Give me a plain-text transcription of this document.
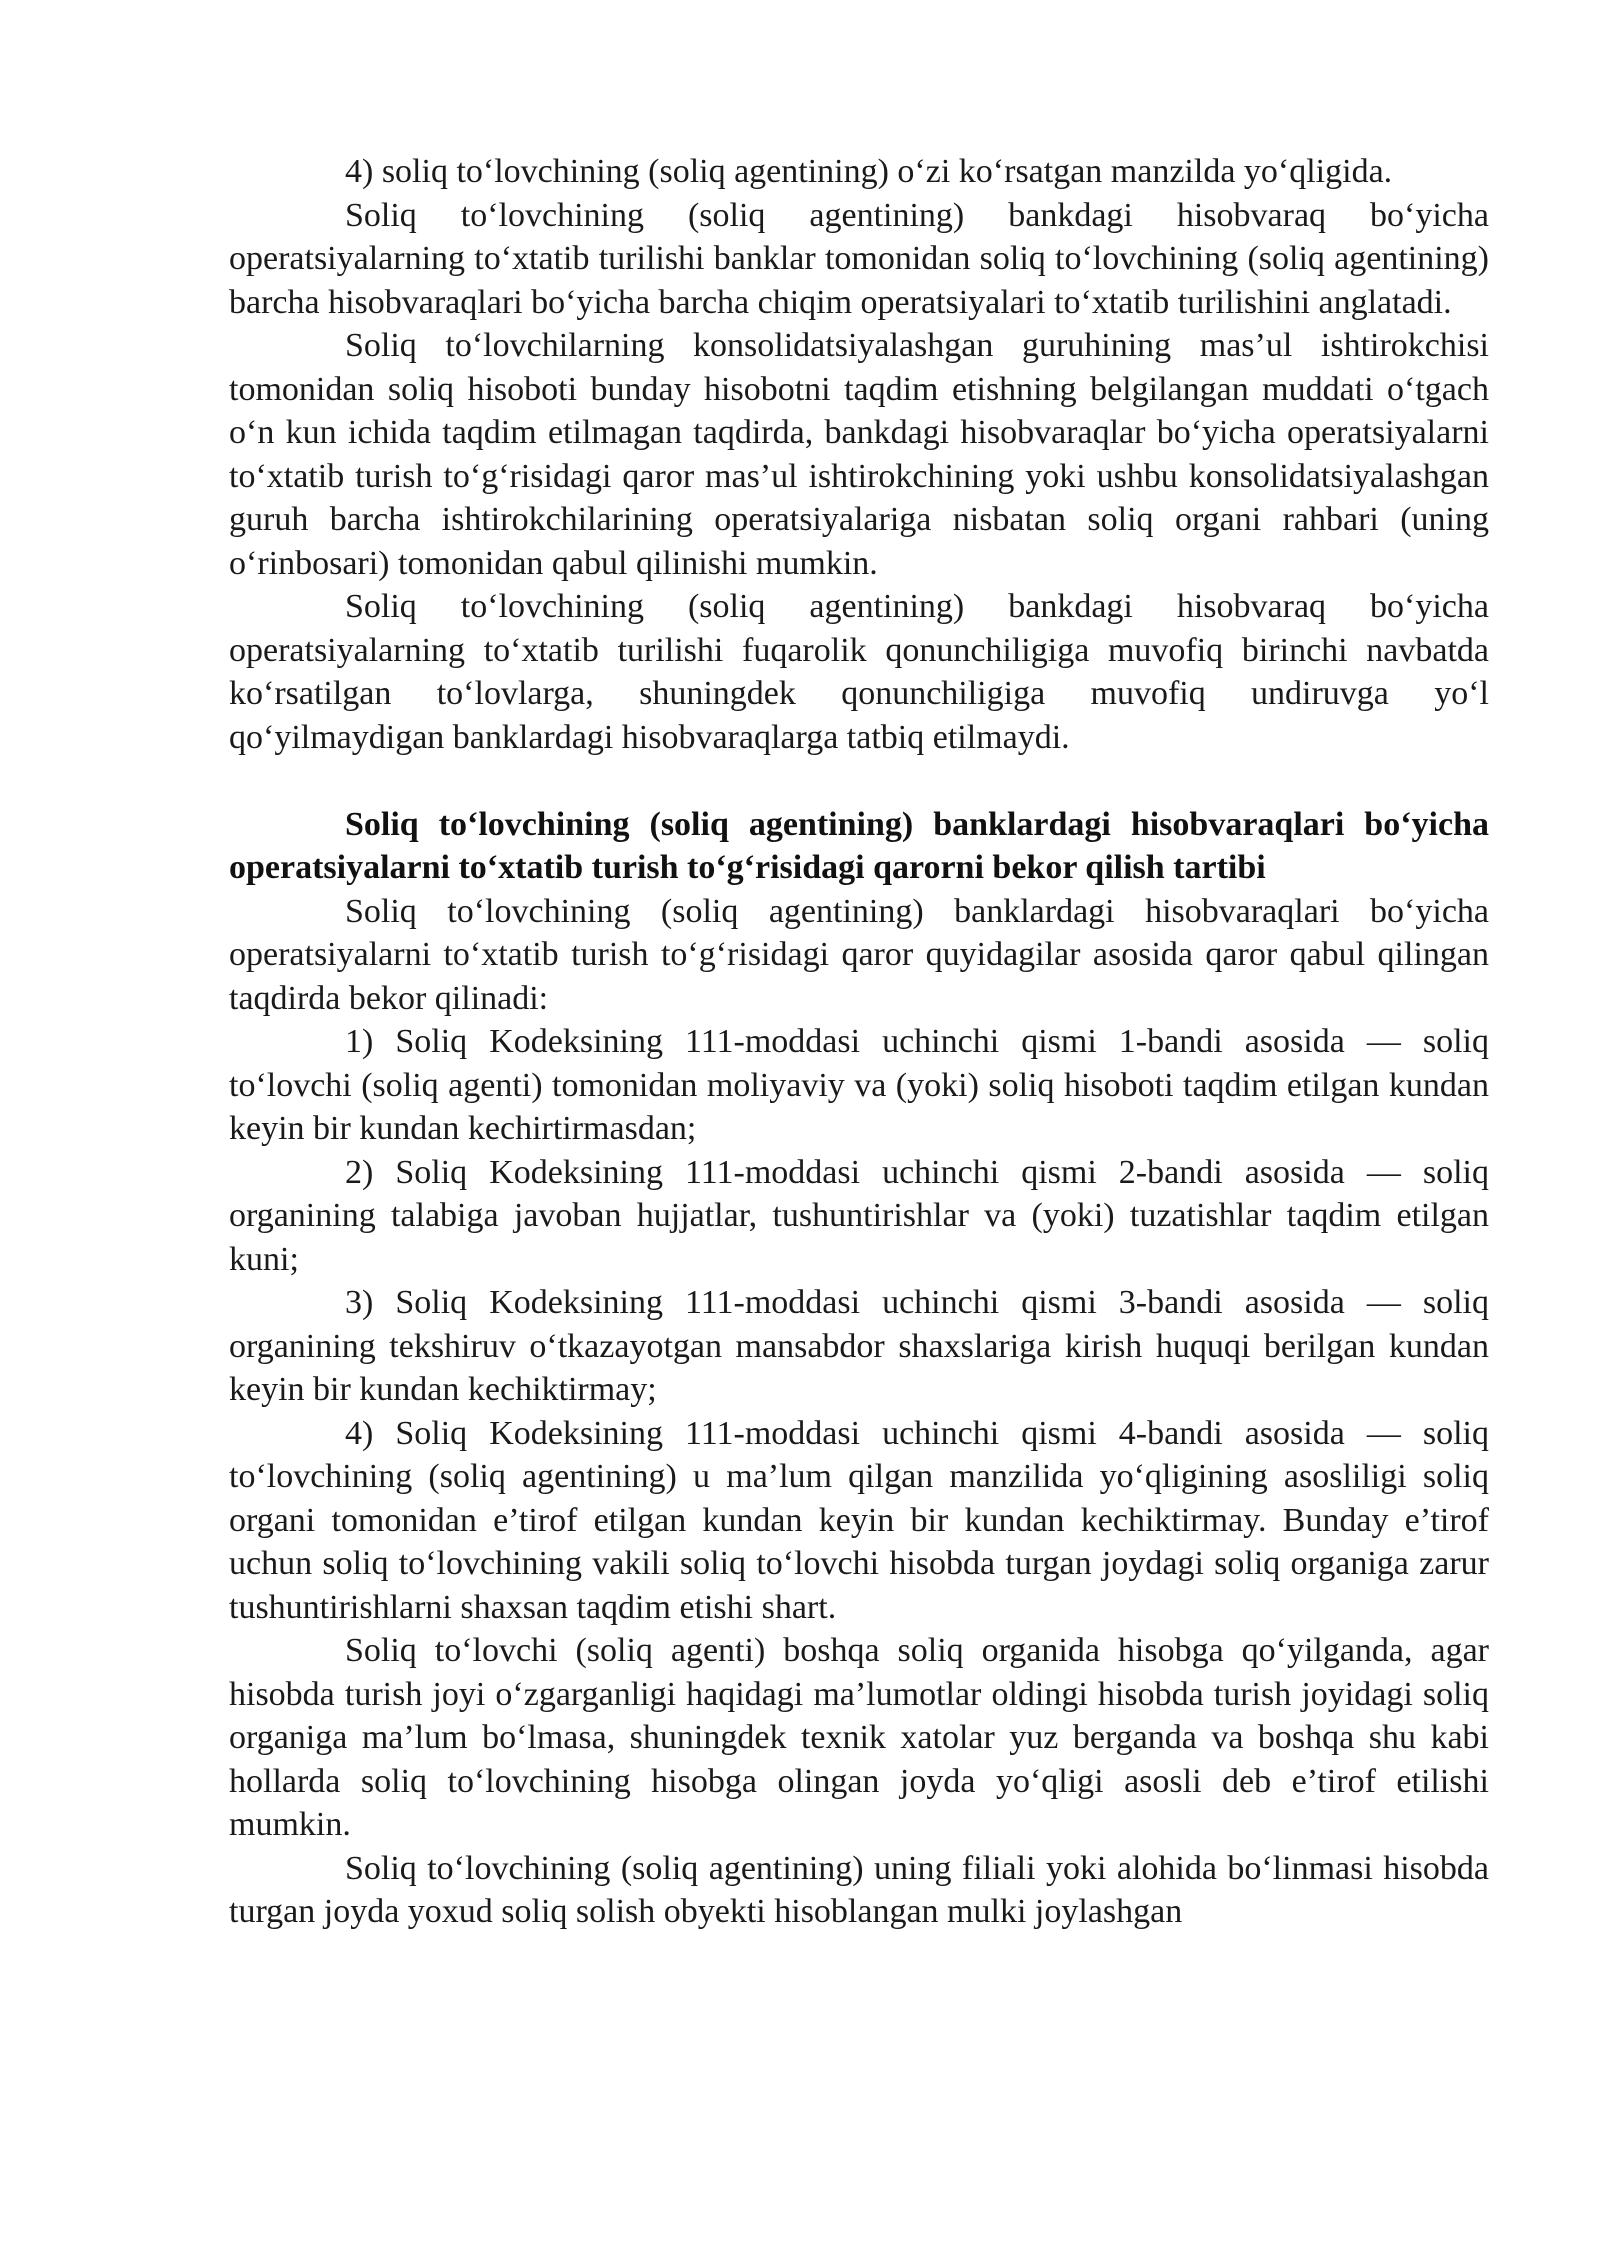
4) soliq to‘lovchining (soliq agentining) o‘zi ko‘rsatgan manzilda yo‘qligida.

Soliq to‘lovchining (soliq agentining) bankdagi hisobvaraq bo‘yicha operatsiyalarning to‘xtatib turilishi banklar tomonidan soliq to‘lovchining (soliq agentining) barcha hisobvaraqlari bo‘yicha barcha chiqim operatsiyalari to‘xtatib turilishini anglatadi.

Soliq to‘lovchilarning konsolidatsiyalashgan guruhining mas’ul ishtirokchisi tomonidan soliq hisoboti bunday hisobotni taqdim etishning belgilangan muddati o‘tgach o‘n kun ichida taqdim etilmagan taqdirda, bankdagi hisobvaraqlar bo‘yicha operatsiyalarni to‘xtatib turish to‘g‘risidagi qaror mas’ul ishtirokchining yoki ushbu konsolidatsiyalashgan guruh barcha ishtirokchilarining operatsiyalariga nisbatan soliq organi rahbari (uning o‘rinbosari) tomonidan qabul qilinishi mumkin.

Soliq to‘lovchining (soliq agentining) bankdagi hisobvaraq bo‘yicha operatsiyalarning to‘xtatib turilishi fuqarolik qonunchiligiga muvofiq birinchi navbatda ko‘rsatilgan to‘lovlarga, shuningdek qonunchiligiga muvofiq undiruvga yo‘l qo‘yilmaydigan banklardagi hisobvaraqlarga tatbiq etilmaydi.

Soliq to‘lovchining (soliq agentining) banklardagi hisobvaraqlari bo‘yicha operatsiyalarni to‘xtatib turish to‘g‘risidagi qarorni bekor qilish tartibi

Soliq to‘lovchining (soliq agentining) banklardagi hisobvaraqlari bo‘yicha operatsiyalarni to‘xtatib turish to‘g‘risidagi qaror quyidagilar asosida qaror qabul qilingan taqdirda bekor qilinadi:

1) Soliq Kodeksining 111-moddasi uchinchi qismi 1-bandi asosida — soliq to‘lovchi (soliq agenti) tomonidan moliyaviy va (yoki) soliq hisoboti taqdim etilgan kundan keyin bir kundan kechirtirmasdan;

2) Soliq Kodeksining 111-moddasi uchinchi qismi 2-bandi asosida — soliq organining talabiga javoban hujjatlar, tushuntirishlar va (yoki) tuzatishlar taqdim etilgan kuni;

3) Soliq Kodeksining 111-moddasi uchinchi qismi 3-bandi asosida — soliq organining tekshiruv o‘tkazayotgan mansabdor shaxslariga kirish huquqi berilgan kundan keyin bir kundan kechiktirmay;

4) Soliq Kodeksining 111-moddasi uchinchi qismi 4-bandi asosida — soliq to‘lovchining (soliq agentining) u ma’lum qilgan manzilida yo‘qligining asosliligi soliq organi tomonidan e’tirof etilgan kundan keyin bir kundan kechiktirmay. Bunday e’tirof uchun soliq to‘lovchining vakili soliq to‘lovchi hisobda turgan joydagi soliq organiga zarur tushuntirishlarni shaxsan taqdim etishi shart.

Soliq to‘lovchi (soliq agenti) boshqa soliq organida hisobga qo‘yilganda, agar hisobda turish joyi o‘zgarganligi haqidagi ma’lumotlar oldingi hisobda turish joyidagi soliq organiga ma’lum bo‘lmasa, shuningdek texnik xatolar yuz berganda va boshqa shu kabi hollarda soliq to‘lovchining hisobga olingan joyda yo‘qligi asosli deb e’tirof etilishi mumkin.

Soliq to‘lovchining (soliq agentining) uning filiali yoki alohida bo‘linmasi hisobda turgan joyda yoxud soliq solish obyekti hisoblangan mulki joylashgan
